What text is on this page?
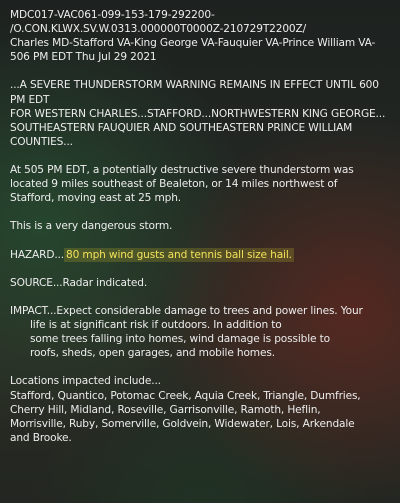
MDC017-VAC061-099-153-179-292200-
/O.CON.KLWX.SV.W.0313.000000T0000Z-210729T2200Z/
Charles MD-Stafford VA-King George VA-Fauquier VA-Prince William VA-
506 PM EDT Thu Jul 29 2021
...A SEVERE THUNDERSTORM WARNING REMAINS IN EFFECT UNTIL 600
PM EDT
FOR WESTERN CHARLES...STAFFORD...NORTHWESTERN KING GEORGE...
SOUTHEASTERN FAUQUIER AND SOUTHEASTERN PRINCE WILLIAM
COUNTIES...
At 505 PM EDT, a potentially destructive severe thunderstorm was
located 9 miles southeast of Bealeton, or 14 miles northwest of
Stafford, moving east at 25 mph.
This is a very dangerous storm.
HAZARD... 80 mph wind gusts and tennis ball size hail.
SOURCE...Radar indicated.
IMPACT...Expect considerable damage to trees and power lines. Your
life is at significant risk if outdoors. In addition to
some trees falling into homes, wind damage is possible to
roofs, sheds, open garages, and mobile homes.
Locations impacted include...
Stafford, Quantico, Potomac Creek, Aquia Creek, Triangle, Dumfries,
Cherry Hill, Midland, Roseville, Garrisonville, Ramoth, Heflin,
Morrisville, Ruby, Somerville, Goldvein, Widewater, Lois, Arkendale
and Brooke.
